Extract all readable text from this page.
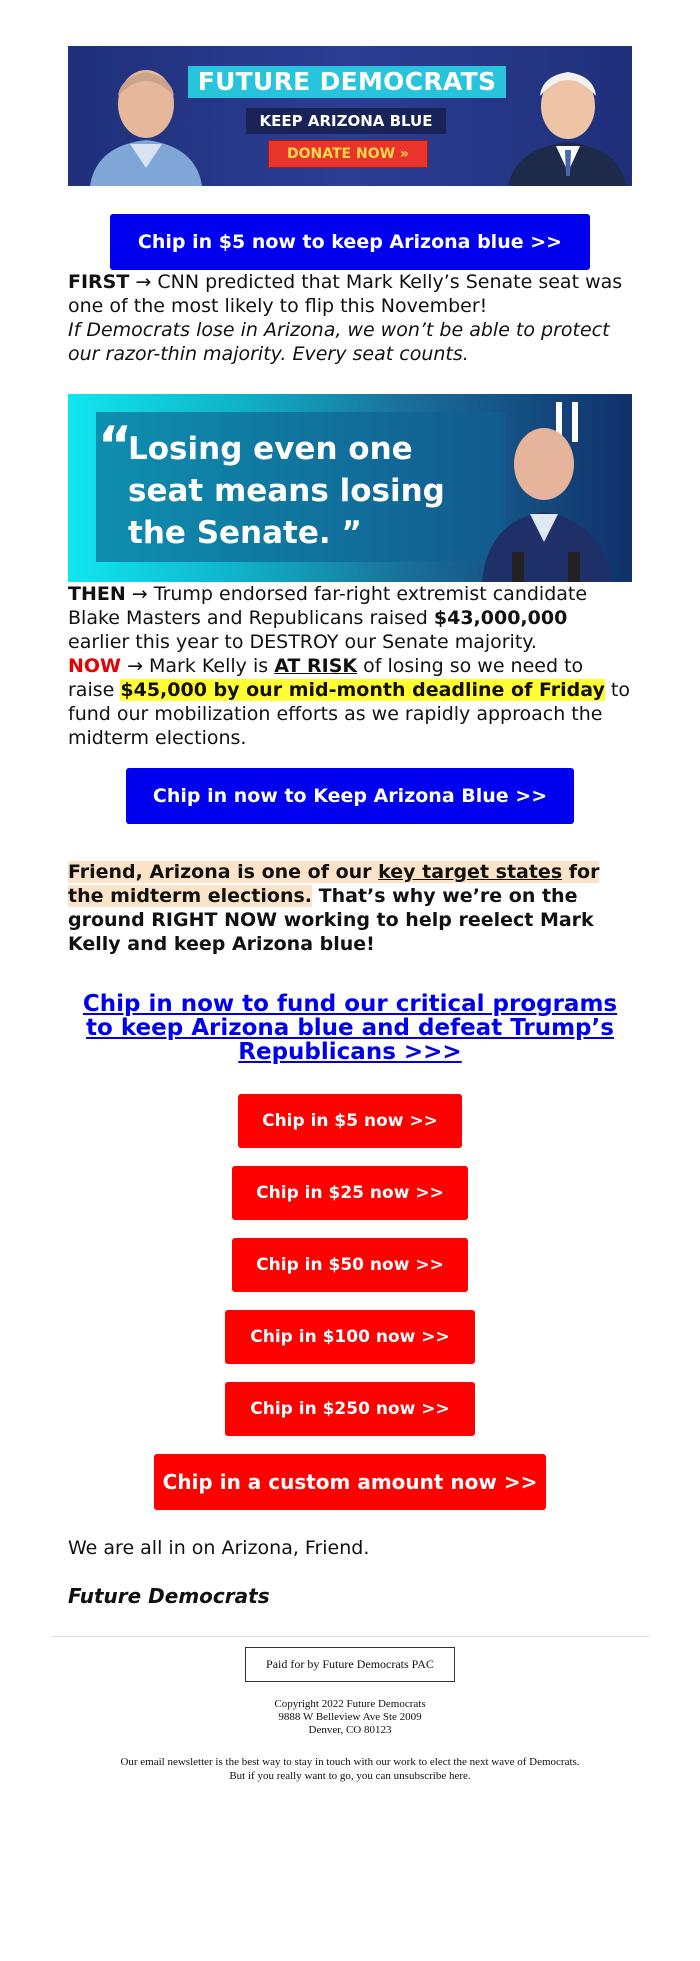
FUTURE DEMOCRATS
KEEP ARIZONA BLUE
DONATE NOW »
Chip in $5 now to keep Arizona blue >>

FIRST → CNN predicted that Mark Kelly’s Senate seat was one of the most likely to flip this November!

If Democrats lose in Arizona, we won’t be able to protect our razor-thin majority. Every seat counts.

“
Losing even one seat means losing the Senate. ”

THEN → Trump endorsed far-right extremist candidate Blake Masters and Republicans raised $43,000,000 earlier this year to DESTROY our Senate majority.

NOW → Mark Kelly is AT RISK of losing so we need to raise $45,000 by our mid-month deadline of Friday to fund our mobilization efforts as we rapidly approach the midterm elections.

Chip in now to Keep Arizona Blue >>

Friend, Arizona is one of our key target states for the midterm elections. That’s why we’re on the ground RIGHT NOW working to help reelect Mark Kelly and keep Arizona blue!

Chip in now to fund our critical programs to keep Arizona blue and defeat Trump’s Republicans >>>
Chip in $5 now >>
Chip in $25 now >>
Chip in $50 now >>
Chip in $100 now >>
Chip in $250 now >>
Chip in a custom amount now >>

We are all in on Arizona, Friend.

Future Democrats

Paid for by Future Democrats PAC
Copyright 2022 Future Democrats
9888 W Belleview Ave Ste 2009
Denver, CO 80123
Our email newsletter is the best way to stay in touch with our work to elect the next wave of Democrats.
But if you really want to go, you can unsubscribe here.
